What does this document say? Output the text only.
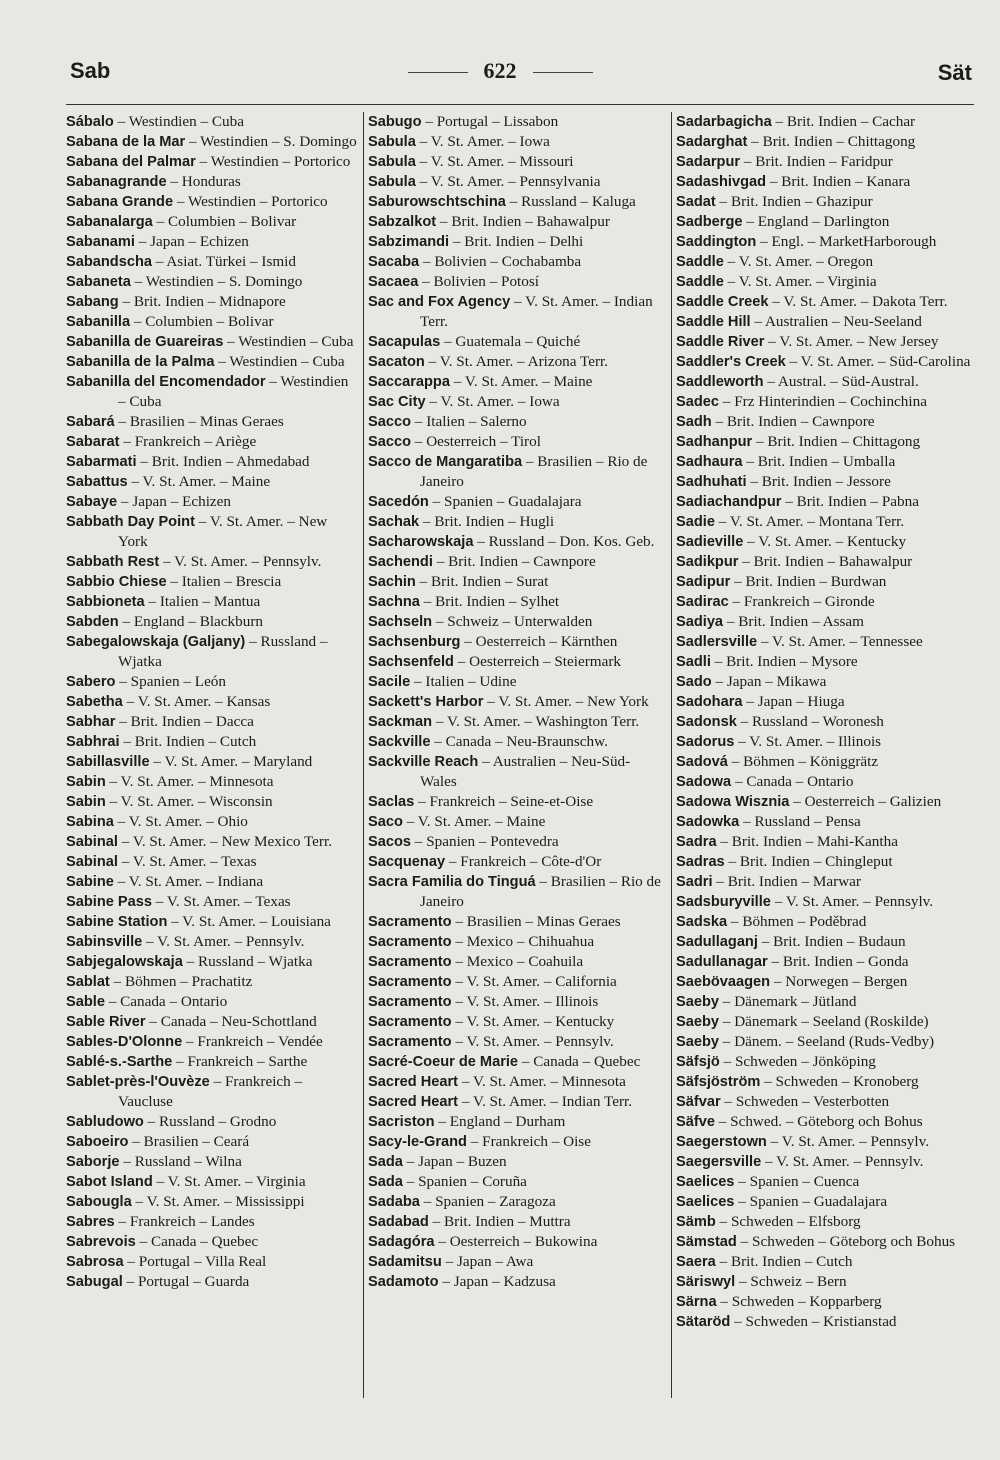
Sab	622	Sät

Sábalo – Westindien – Cuba

Sabana de la Mar – Westindien – S. Domingo

Sabana del Palmar – Westindien – Portorico

Sabanagrande – Honduras

Sabana Grande – Westindien – Portorico

Sabanalarga – Columbien – Bolivar

Sabanami – Japan – Echizen

Sabandscha – Asiat. Türkei – Ismid

Sabaneta – Westindien – S. Domingo

Sabang – Brit. Indien – Midnapore

Sabanilla – Columbien – Bolivar

Sabanilla de Guareiras – Westindien – Cuba

Sabanilla de la Palma – Westindien – Cuba

Sabanilla del Encomendador – Westindien – Cuba

Sabará – Brasilien – Minas Geraes

Sabarat – Frankreich – Ariège

Sabarmati – Brit. Indien – Ahmedabad

Sabattus – V. St. Amer. – Maine

Sabaye – Japan – Echizen

Sabbath Day Point – V. St. Amer. – New York

Sabbath Rest – V. St. Amer. – Pennsylv.

Sabbio Chiese – Italien – Brescia

Sabbioneta – Italien – Mantua

Sabden – England – Blackburn

Sabegalowskaja (Galjany) – Russland – Wjatka

Sabero – Spanien – León

Sabetha – V. St. Amer. – Kansas

Sabhar – Brit. Indien – Dacca

Sabhrai – Brit. Indien – Cutch

Sabillasville – V. St. Amer. – Maryland

Sabin – V. St. Amer. – Minnesota

Sabin – V. St. Amer. – Wisconsin

Sabina – V. St. Amer. – Ohio

Sabinal – V. St. Amer. – New Mexico Terr.

Sabinal – V. St. Amer. – Texas

Sabine – V. St. Amer. – Indiana

Sabine Pass – V. St. Amer. – Texas

Sabine Station – V. St. Amer. – Louisiana

Sabinsville – V. St. Amer. – Pennsylv.

Sabjegalowskaja – Russland – Wjatka

Sablat – Böhmen – Prachatitz

Sable – Canada – Ontario

Sable River – Canada – Neu-Schottland

Sables-D'Olonne – Frankreich – Vendée

Sablé-s.-Sarthe – Frankreich – Sarthe

Sablet-près-l'Ouvèze – Frankreich – Vaucluse

Sabludowo – Russland – Grodno

Saboeiro – Brasilien – Ceará

Saborje – Russland – Wilna

Sabot Island – V. St. Amer. – Virginia

Sabougla – V. St. Amer. – Mississippi

Sabres – Frankreich – Landes

Sabrevois – Canada – Quebec

Sabrosa – Portugal – Villa Real

Sabugal – Portugal – Guarda

Sabugo – Portugal – Lissabon

Sabula – V. St. Amer. – Iowa

Sabula – V. St. Amer. – Missouri

Sabula – V. St. Amer. – Pennsylvania

Saburowschtschina – Russland – Kaluga

Sabzalkot – Brit. Indien – Bahawalpur

Sabzimandi – Brit. Indien – Delhi

Sacaba – Bolivien – Cochabamba

Sacaea – Bolivien – Potosí

Sac and Fox Agency – V. St. Amer. – Indian Terr.

Sacapulas – Guatemala – Quiché

Sacaton – V. St. Amer. – Arizona Terr.

Saccarappa – V. St. Amer. – Maine

Sac City – V. St. Amer. – Iowa

Sacco – Italien – Salerno

Sacco – Oesterreich – Tirol

Sacco de Mangaratiba – Brasilien – Rio de Janeiro

Sacedón – Spanien – Guadalajara

Sachak – Brit. Indien – Hugli

Sacharowskaja – Russland – Don. Kos. Geb.

Sachendi – Brit. Indien – Cawnpore

Sachin – Brit. Indien – Surat

Sachna – Brit. Indien – Sylhet

Sachseln – Schweiz – Unterwalden

Sachsenburg – Oesterreich – Kärnthen

Sachsenfeld – Oesterreich – Steiermark

Sacile – Italien – Udine

Sackett's Harbor – V. St. Amer. – New York

Sackman – V. St. Amer. – Washington Terr.

Sackville – Canada – Neu-Braunschw.

Sackville Reach – Australien – Neu-Süd-Wales

Saclas – Frankreich – Seine-et-Oise

Saco – V. St. Amer. – Maine

Sacos – Spanien – Pontevedra

Sacquenay – Frankreich – Côte-d'Or

Sacra Familia do Tinguá – Brasilien – Rio de Janeiro

Sacramento – Brasilien – Minas Geraes

Sacramento – Mexico – Chihuahua

Sacramento – Mexico – Coahuila

Sacramento – V. St. Amer. – California

Sacramento – V. St. Amer. – Illinois

Sacramento – V. St. Amer. – Kentucky

Sacramento – V. St. Amer. – Pennsylv.

Sacré-Coeur de Marie – Canada – Quebec

Sacred Heart – V. St. Amer. – Minnesota

Sacred Heart – V. St. Amer. – Indian Terr.

Sacriston – England – Durham

Sacy-le-Grand – Frankreich – Oise

Sada – Japan – Buzen

Sada – Spanien – Coruña

Sadaba – Spanien – Zaragoza

Sadabad – Brit. Indien – Muttra

Sadagóra – Oesterreich – Bukowina

Sadamitsu – Japan – Awa

Sadamoto – Japan – Kadzusa

Sadarbagicha – Brit. Indien – Cachar

Sadarghat – Brit. Indien – Chittagong

Sadarpur – Brit. Indien – Faridpur

Sadashivgad – Brit. Indien – Kanara

Sadat – Brit. Indien – Ghazipur

Sadberge – England – Darlington

Saddington – Engl. – MarketHarborough

Saddle – V. St. Amer. – Oregon

Saddle – V. St. Amer. – Virginia

Saddle Creek – V. St. Amer. – Dakota Terr.

Saddle Hill – Australien – Neu-Seeland

Saddle River – V. St. Amer. – New Jersey

Saddler's Creek – V. St. Amer. – Süd-Carolina

Saddleworth – Austral. – Süd-Austral.

Sadec – Frz Hinterindien – Cochinchina

Sadh – Brit. Indien – Cawnpore

Sadhanpur – Brit. Indien – Chittagong

Sadhaura – Brit. Indien – Umballa

Sadhuhati – Brit. Indien – Jessore

Sadiachandpur – Brit. Indien – Pabna

Sadie – V. St. Amer. – Montana Terr.

Sadieville – V. St. Amer. – Kentucky

Sadikpur – Brit. Indien – Bahawalpur

Sadipur – Brit. Indien – Burdwan

Sadirac – Frankreich – Gironde

Sadiya – Brit. Indien – Assam

Sadlersville – V. St. Amer. – Tennessee

Sadli – Brit. Indien – Mysore

Sado – Japan – Mikawa

Sadohara – Japan – Hiuga

Sadonsk – Russland – Woronesh

Sadorus – V. St. Amer. – Illinois

Sadová – Böhmen – Königgrätz

Sadowa – Canada – Ontario

Sadowa Wisznia – Oesterreich – Galizien

Sadowka – Russland – Pensa

Sadra – Brit. Indien – Mahi-Kantha

Sadras – Brit. Indien – Chingleput

Sadri – Brit. Indien – Marwar

Sadsburyville – V. St. Amer. – Pennsylv.

Sadska – Böhmen – Poděbrad

Sadullaganj – Brit. Indien – Budaun

Sadullanagar – Brit. Indien – Gonda

Saebövaagen – Norwegen – Bergen

Saeby – Dänemark – Jütland

Saeby – Dänemark – Seeland (Roskilde)

Saeby – Dänem. – Seeland (Ruds-Vedby)

Säfsjö – Schweden – Jönköping

Säfsjöström – Schweden – Kronoberg

Säfvar – Schweden – Vesterbotten

Säfve – Schwed. – Göteborg och Bohus

Saegerstown – V. St. Amer. – Pennsylv.

Saegersville – V. St. Amer. – Pennsylv.

Saelices – Spanien – Cuenca

Saelices – Spanien – Guadalajara

Sämb – Schweden – Elfsborg

Sämstad – Schweden – Göteborg och Bohus

Saera – Brit. Indien – Cutch

Säriswyl – Schweiz – Bern

Särna – Schweden – Kopparberg

Sätaröd – Schweden – Kristianstad
